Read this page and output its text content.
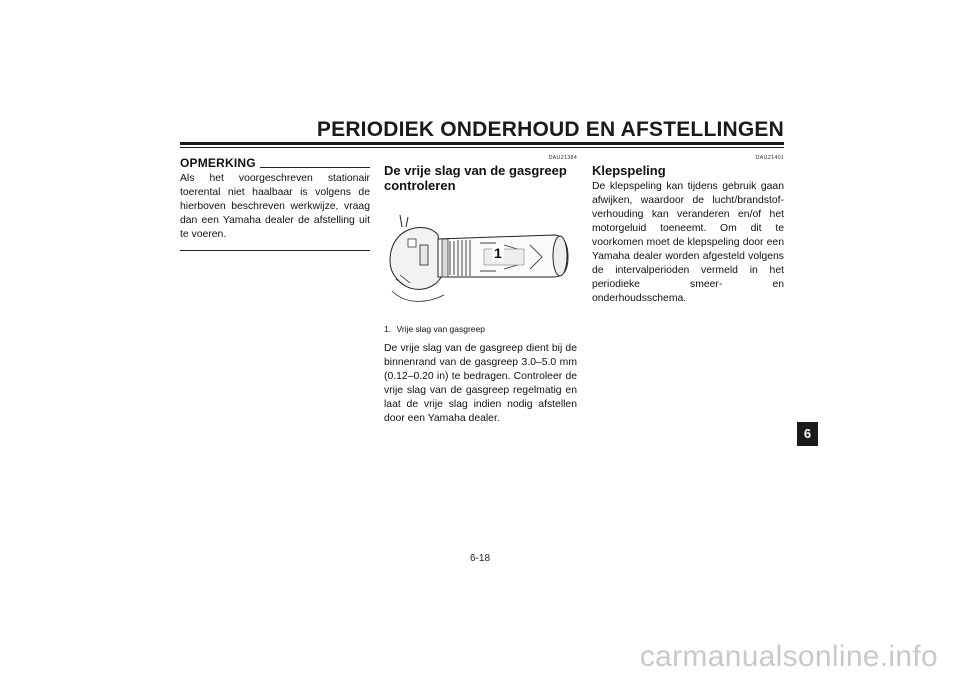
PERIODIEK ONDERHOUD EN AFSTELLINGEN
OPMERKING

Als het voorgeschreven stationair toerental niet haalbaar is volgens de hierboven beschreven werkwijze, vraag dan een Yamaha dealer de afstelling uit te voeren.

DAU21384
De vrije slag van de gasgreep controleren
1
1. Vrije slag van gasgreep

De vrije slag van de gasgreep dient bij de binnenrand van de gasgreep 3.0–5.0 mm (0.12–0.20 in) te bedragen. Controleer de vrije slag van de gasgreep regelmatig en laat de vrije slag indien nodig afstellen door een Yamaha dealer.

DAU21401
Klepspeling

De klepspeling kan tijdens gebruik gaan afwijken, waardoor de lucht/brandstof-verhouding kan veranderen en/of het motorgeluid toeneemt. Om dit te voorkomen moet de klepspeling door een Yamaha dealer worden afgesteld volgens de intervalperioden vermeld in het periodieke smeer- en onderhoudsschema.

6
6-18
carmanualsonline.info
